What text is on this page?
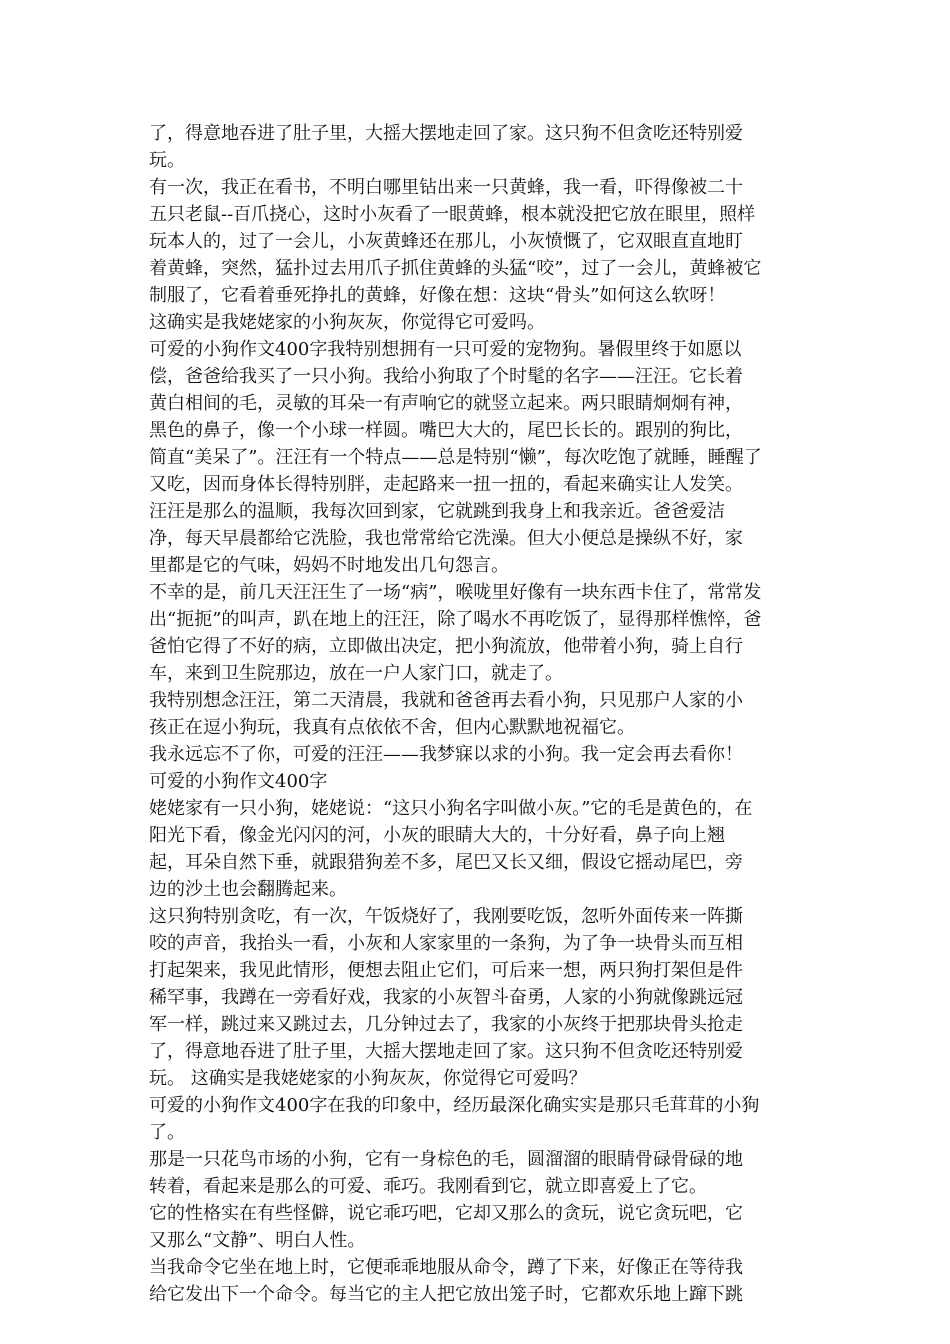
了，得意地吞进了肚子里，大摇大摆地走回了家。这只狗不但贪吃还特别爱
玩。
有一次，我正在看书，不明白哪里钻出来一只黄蜂，我一看，吓得像被二十
五只老鼠--百爪挠心，这时小灰看了一眼黄蜂，根本就没把它放在眼里，照样
玩本人的，过了一会儿，小灰黄蜂还在那儿，小灰愤慨了，它双眼直直地盯
着黄蜂，突然，猛扑过去用爪子抓住黄蜂的头猛“咬”，过了一会儿，黄蜂被它
制服了，它看着垂死挣扎的黄蜂，好像在想：这块“骨头”如何这么软呀！
这确实是我姥姥家的小狗灰灰，你觉得它可爱吗。
可爱的小狗作文400字我特别想拥有一只可爱的宠物狗。暑假里终于如愿以
偿，爸爸给我买了一只小狗。我给小狗取了个时髦的名字——汪汪。它长着
黄白相间的毛，灵敏的耳朵一有声响它的就竖立起来。两只眼睛炯炯有神，
黑色的鼻子，像一个小球一样圆。嘴巴大大的，尾巴长长的。跟别的狗比，
简直“美呆了”。汪汪有一个特点——总是特别“懒”，每次吃饱了就睡，睡醒了
又吃，因而身体长得特别胖，走起路来一扭一扭的，看起来确实让人发笑。
汪汪是那么的温顺，我每次回到家，它就跳到我身上和我亲近。爸爸爱洁
净，每天早晨都给它洗脸，我也常常给它洗澡。但大小便总是操纵不好，家
里都是它的气味，妈妈不时地发出几句怨言。
不幸的是，前几天汪汪生了一场“病”，喉咙里好像有一块东西卡住了，常常发
出“扼扼”的叫声，趴在地上的汪汪，除了喝水不再吃饭了，显得那样憔悴，爸
爸怕它得了不好的病，立即做出决定，把小狗流放，他带着小狗，骑上自行
车，来到卫生院那边，放在一户人家门口，就走了。
我特别想念汪汪，第二天清晨，我就和爸爸再去看小狗，只见那户人家的小
孩正在逗小狗玩，我真有点依依不舍，但内心默默地祝福它。
我永远忘不了你，可爱的汪汪——我梦寐以求的小狗。我一定会再去看你！
可爱的小狗作文400字
姥姥家有一只小狗，姥姥说：“这只小狗名字叫做小灰。”它的毛是黄色的，在
阳光下看，像金光闪闪的河，小灰的眼睛大大的，十分好看，鼻子向上翘
起，耳朵自然下垂，就跟猎狗差不多，尾巴又长又细，假设它摇动尾巴，旁
边的沙土也会翻腾起来。
这只狗特别贪吃，有一次，午饭烧好了，我刚要吃饭，忽听外面传来一阵撕
咬的声音，我抬头一看，小灰和人家家里的一条狗，为了争一块骨头而互相
打起架来，我见此情形，便想去阻止它们，可后来一想，两只狗打架但是件
稀罕事，我蹲在一旁看好戏，我家的小灰智斗奋勇，人家的小狗就像跳远冠
军一样，跳过来又跳过去，几分钟过去了，我家的小灰终于把那块骨头抢走
了，得意地吞进了肚子里，大摇大摆地走回了家。这只狗不但贪吃还特别爱
玩。 这确实是我姥姥家的小狗灰灰，你觉得它可爱吗？
可爱的小狗作文400字在我的印象中，经历最深化确实实是那只毛茸茸的小狗
了。
那是一只花鸟市场的小狗，它有一身棕色的毛，圆溜溜的眼睛骨碌骨碌的地
转着，看起来是那么的可爱、乖巧。我刚看到它，就立即喜爱上了它。
它的性格实在有些怪僻，说它乖巧吧，它却又那么的贪玩，说它贪玩吧，它
又那么“文静”、明白人性。
当我命令它坐在地上时，它便乖乖地服从命令，蹲了下来，好像正在等待我
给它发出下一个命令。每当它的主人把它放出笼子时，它都欢乐地上蹿下跳
